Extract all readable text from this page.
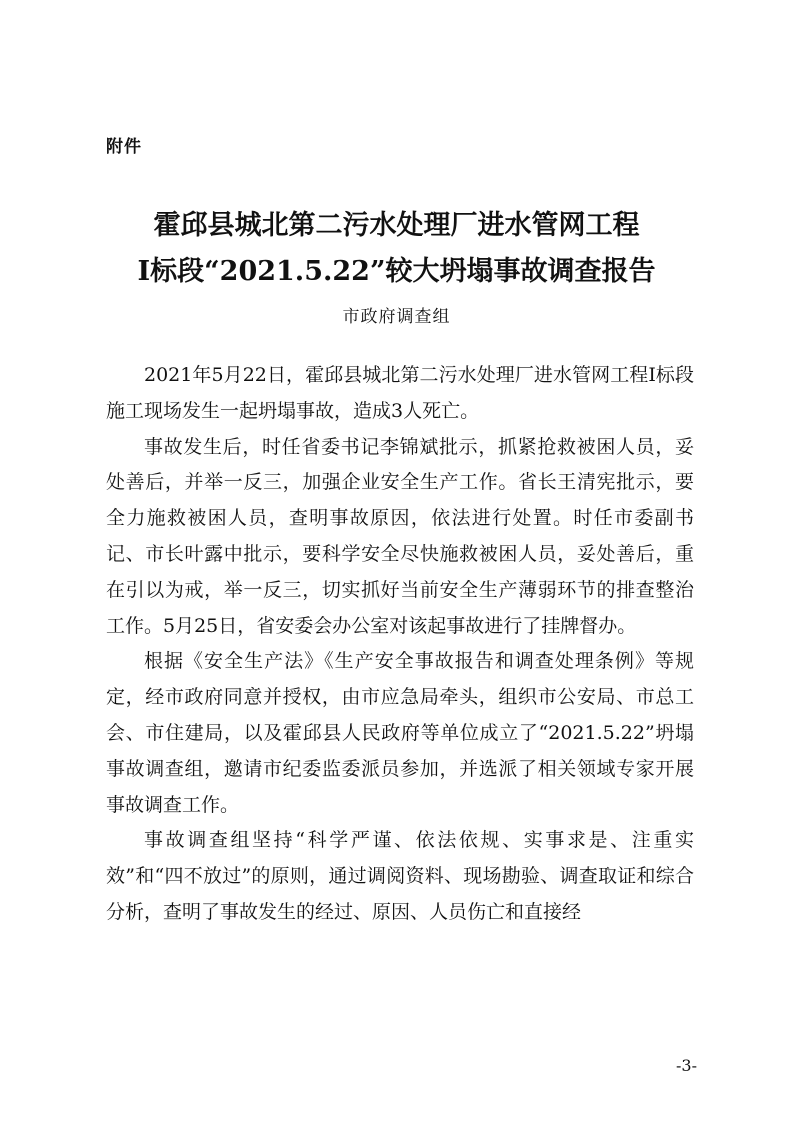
附件
霍邱县城北第二污水处理厂进水管网工程
Ⅰ标段“2021.5.22”较大坍塌事故调查报告
市政府调查组

2021年5月22日，霍邱县城北第二污水处理厂进水管网工程Ⅰ标段施工现场发生一起坍塌事故，造成3人死亡。

事故发生后，时任省委书记李锦斌批示，抓紧抢救被困人员，妥处善后，并举一反三，加强企业安全生产工作。省长王清宪批示，要全力施救被困人员，查明事故原因，依法进行处置。时任市委副书记、市长叶露中批示，要科学安全尽快施救被困人员，妥处善后，重在引以为戒，举一反三，切实抓好当前安全生产薄弱环节的排查整治工作。5月25日，省安委会办公室对该起事故进行了挂牌督办。

根据《安全生产法》《生产安全事故报告和调查处理条例》等规定，经市政府同意并授权，由市应急局牵头，组织市公安局、市总工会、市住建局，以及霍邱县人民政府等单位成立了“2021.5.22”坍塌事故调查组，邀请市纪委监委派员参加，并选派了相关领域专家开展事故调查工作。

事故调查组坚持“科学严谨、依法依规、实事求是、注重实效”和“四不放过”的原则，通过调阅资料、现场勘验、调查取证和综合分析，查明了事故发生的经过、原因、人员伤亡和直接经

-3-
